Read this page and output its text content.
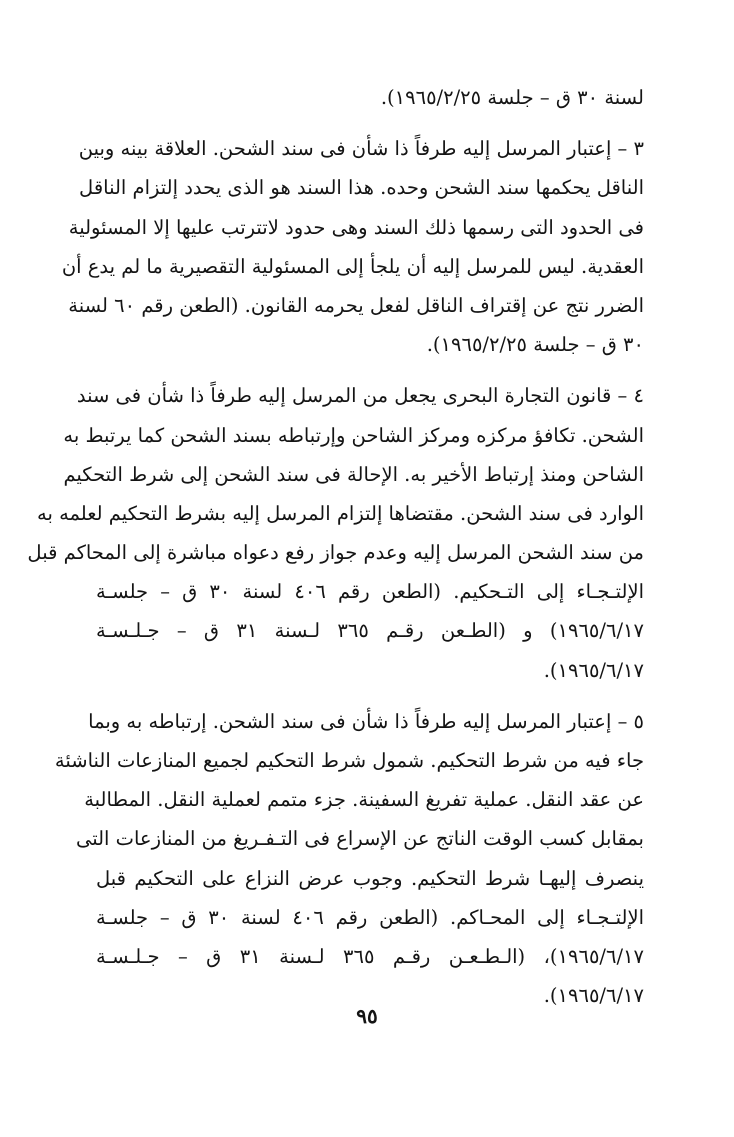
لسنة ٣٠ ق – جلسة ١٩٦٥/٢/٢٥).
٣ – إعتبار المرسل إليه طرفاً ذا شأن فى سند الشحن. العلاقة بينه وبين
الناقل يحكمها سند الشحن وحده. هذا السند هو الذى يحدد إلتزام الناقل
فى الحدود التى رسمها ذلك السند وهى حدود لاتترتب عليها إلا المسئولية
العقدية. ليس للمرسل إليه أن يلجأ إلى المسئولية التقصيرية ما لم يدع أن
الضرر نتج عن إقتراف الناقل لفعل يحرمه القانون. (الطعن رقم ٦٠ لسنة
٣٠ ق – جلسة ١٩٦٥/٢/٢٥).
٤ – قانون التجارة البحرى يجعل من المرسل إليه طرفاً ذا شأن فى سند
الشحن. تكافؤ مركزه ومركز الشاحن وإرتباطه بسند الشحن كما يرتبط به
الشاحن ومنذ إرتباط الأخير به. الإحالة فى سند الشحن إلى شرط التحكيم
الوارد فى سند الشحن. مقتضاها إلتزام المرسل إليه بشرط التحكيم لعلمه به
من سند الشحن المرسل إليه وعدم جواز رفع دعواه مباشرة إلى المحاكم قبل
الإلتـجـاء إلى التـحكيم. (الطعن رقم ٤٠٦ لسنة ٣٠ ق – جلسـة
١٩٦٥/٦/١٧) و (الطـعن رقـم ٣٦٥ لـسنة ٣١ ق – جـلـسـة
١٩٦٥/٦/١٧).
٥ – إعتبار المرسل إليه طرفاً ذا شأن فى سند الشحن. إرتباطه به وبما
جاء فيه من شرط التحكيم. شمول شرط التحكيم لجميع المنازعات الناشئة
عن عقد النقل. عملية تفريغ السفينة. جزء متمم لعملية النقل. المطالبة
بمقابل كسب الوقت الناتج عن الإسراع فى التـفـريغ من المنازعات التى
ينصرف إليهـا شرط التحكيم. وجوب عرض النزاع على التحكيم قبل
الإلتـجـاء إلى المحـاكم. (الطعن رقم ٤٠٦ لسنة ٣٠ ق – جلسـة
١٩٦٥/٦/١٧)، (الـطـعـن رقـم ٣٦٥ لـسنة ٣١ ق – جـلـسـة
١٩٦٥/٦/١٧).
٩٥
